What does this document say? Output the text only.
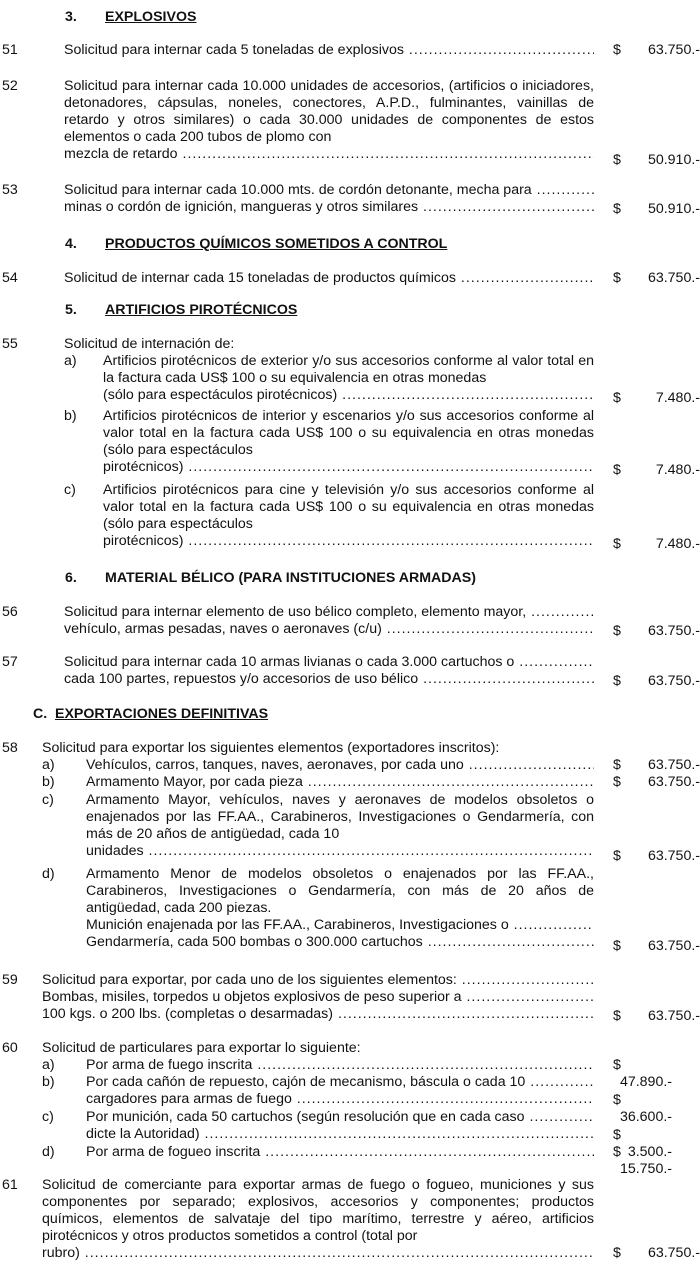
3. EXPLOSIVOS
51	Solicitud para internar cada 5 toneladas de explosivos .....	$ 63.750.-
52	Solicitud para internar cada 10.000 unidades de accesorios, (artificios o iniciadores, detonadores, cápsulas, noneles, conectores, A.P.D., fulminantes, vainillas de retardo y otros similares) o cada 30.000 unidades de componentes de estos elementos o cada 200 tubos de plomo con
mezcla de retardo .....	$ 50.910.-
53	Solicitud para internar cada 10.000 mts. de cordón detonante, mecha para .....
minas o cordón de ignición, mangueras y otros similares .....	$ 50.910.-
4. PRODUCTOS QUÍMICOS SOMETIDOS A CONTROL
54	Solicitud de internar cada 15 toneladas de productos químicos .....	$ 63.750.-
5. ARTIFICIOS PIROTÉCNICOS
55	Solicitud de internación de:
a) Artificios pirotécnicos de exterior y/o sus accesorios conforme al valor total en la factura cada US$ 100 o su equivalencia en otras monedas
(sólo para espectáculos pirotécnicos) .....	$ 7.480.-
b) Artificios pirotécnicos de interior y escenarios y/o sus accesorios conforme al valor total en la factura cada US$ 100 o su equivalencia en otras monedas (sólo para espectáculos
pirotécnicos) .....	$ 7.480.-
c) Artificios pirotécnicos para cine y televisión y/o sus accesorios conforme al valor total en la factura cada US$ 100 o su equivalencia en otras monedas (sólo para espectáculos
pirotécnicos) .....	$ 7.480.-
6. MATERIAL BÉLICO (PARA INSTITUCIONES ARMADAS)
56	Solicitud para internar elemento de uso bélico completo, elemento mayor, .....
vehículo, armas pesadas, naves o aeronaves (c/u) .....	$ 63.750.-
57	Solicitud para internar cada 10 armas livianas o cada 3.000 cartuchos o .....
cada 100 partes, repuestos y/o accesorios de uso bélico .....	$ 63.750.-
C. EXPORTACIONES DEFINITIVAS
58 Solicitud para exportar los siguientes elementos (exportadores inscritos):
a) Vehículos, carros, tanques, naves, aeronaves, por cada uno .....	$ 63.750.-
b) Armamento Mayor, por cada pieza .....	$ 63.750.-
c) Armamento Mayor, vehículos, naves y aeronaves de modelos obsoletos o enajenados por las FF.AA., Carabineros, Investigaciones o Gendarmería, con más de 20 años de antigüedad, cada 10
unidades .....	$ 63.750.-
d) Armamento Menor de modelos obsoletos o enajenados por las FF.AA., Carabineros, Investigaciones o Gendarmería, con más de 20 años de antigüedad, cada 200 piezas.
Munición enajenada por las FF.AA., Carabineros, Investigaciones o .....
Gendarmería, cada 500 bombas o 300.000 cartuchos .....	$ 63.750.-
59 Solicitud para exportar, por cada uno de los siguientes elementos: .....
Bombas, misiles, torpedos u objetos explosivos de peso superior a .....
100 kgs. o 200 lbs. (completas o desarmadas) .....	$ 63.750.-
60 Solicitud de particulares para exportar lo siguiente:
a) Por arma de fuego inscrita .....	$47.890.-
b) Por cada cañón de repuesto, cajón de mecanismo, báscula o cada 10 .....
cargadores para armas de fuego .....	$36.600.-
c) Por munición, cada 50 cartuchos (según resolución que en cada caso .....
dicte la Autoridad) .....	$3.500.-
d) Por arma de fogueo inscrita .....	$15.750.-
61 Solicitud de comerciante para exportar armas de fuego o fogueo, municiones y sus componentes por separado; explosivos, accesorios y componentes; productos químicos, elementos de salvataje del tipo marítimo, terrestre y aéreo, artificios pirotécnicos y otros productos sometidos a control (total por
rubro) .....	$ 63.750.-
